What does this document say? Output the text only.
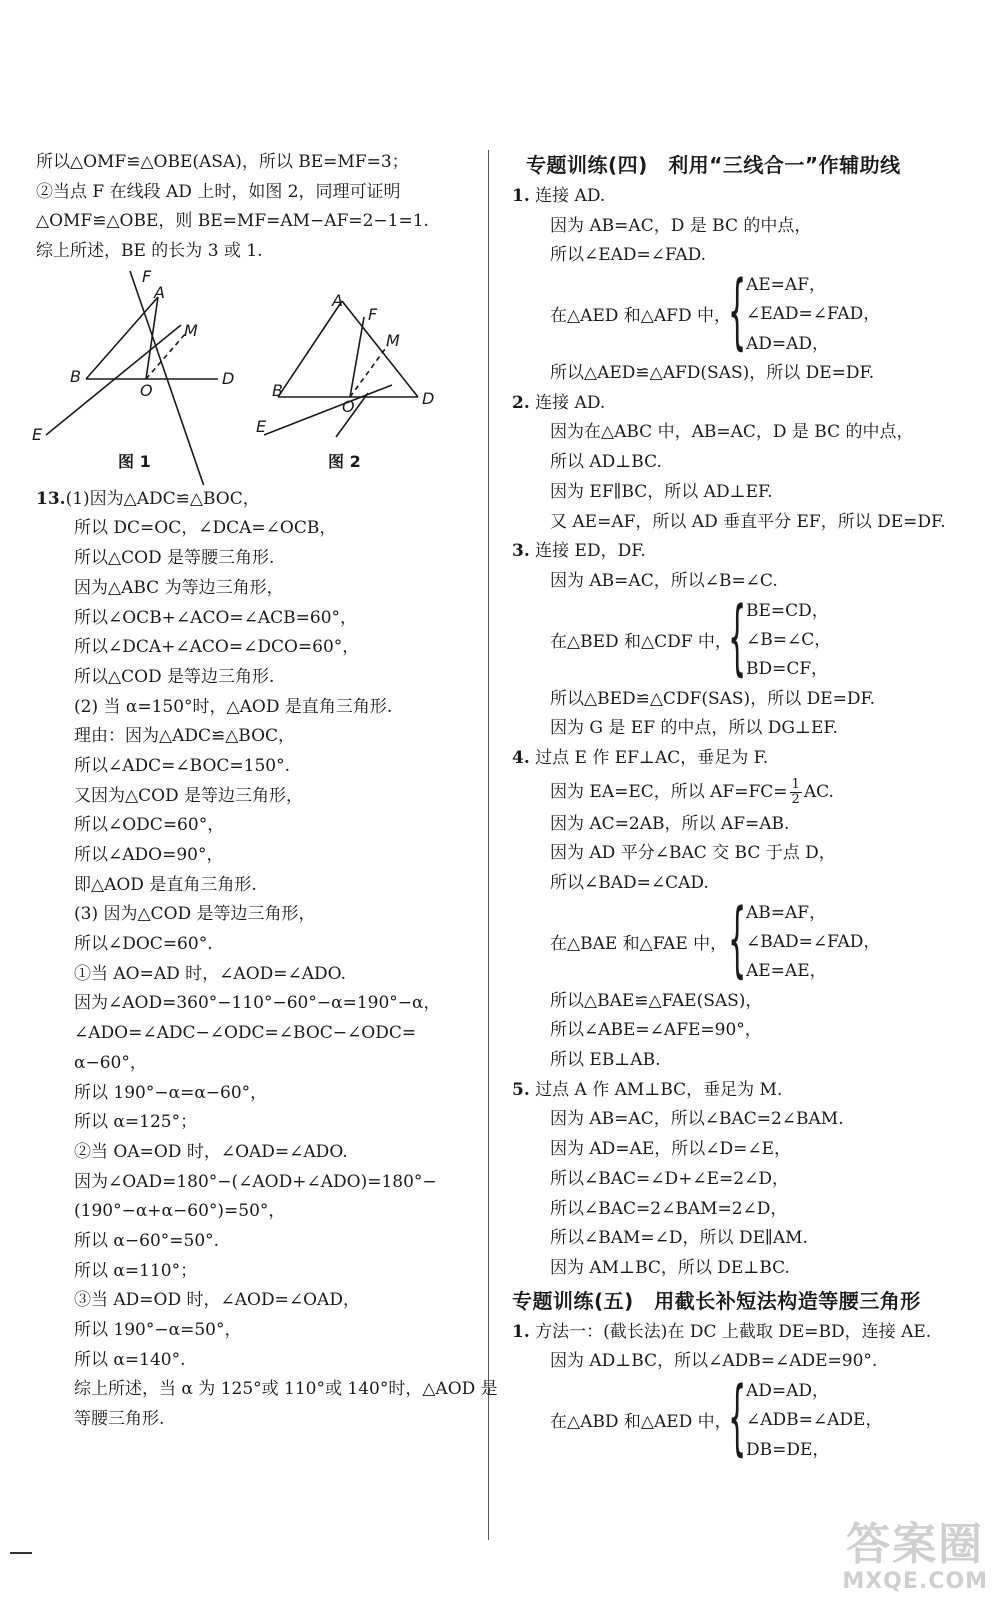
所以△OMF≌△OBE(ASA)，所以 BE=MF=3；
②当点 F 在线段 AD 上时，如图 2，同理可证明
△OMF≌△OBE，则 BE=MF=AM−AF=2−1=1.
综上所述，BE 的长为 3 或 1.
F
A
M
B
O
D
E
图 1
A
F
M
B
O	D
E
图 2
13.(1)因为△ADC≌△BOC，
所以 DC=OC，∠DCA=∠OCB，
所以△COD 是等腰三角形.
因为△ABC 为等边三角形，
所以∠OCB+∠ACO=∠ACB=60°，
所以∠DCA+∠ACO=∠DCO=60°，
所以△COD 是等边三角形.
(2) 当 α=150°时，△AOD 是直角三角形.
理由：因为△ADC≌△BOC，
所以∠ADC=∠BOC=150°.
又因为△COD 是等边三角形，
所以∠ODC=60°，
所以∠ADO=90°，
即△AOD 是直角三角形.
(3) 因为△COD 是等边三角形，
所以∠DOC=60°.
①当 AO=AD 时，∠AOD=∠ADO.
因为∠AOD=360°−110°−60°−α=190°−α，
∠ADO=∠ADC−∠ODC=∠BOC−∠ODC=
α−60°，
所以 190°−α=α−60°，
所以 α=125°；
②当 OA=OD 时，∠OAD=∠ADO.
因为∠OAD=180°−(∠AOD+∠ADO)=180°−
(190°−α+α−60°)=50°，
所以 α−60°=50°.
所以 α=110°；
③当 AD=OD 时，∠AOD=∠OAD，
所以 190°−α=50°，
所以 α=140°.
综上所述，当 α 为 125°或 110°或 140°时，△AOD 是
等腰三角形.
专题训练(四)　利用“三线合一”作辅助线
1. 连接 AD.
因为 AB=AC，D 是 BC 的中点，
所以∠EAD=∠FAD.
在△AED 和△AFD 中，
{ AE=AF，
∠EAD=∠FAD，
AD=AD，
所以△AED≌△AFD(SAS)，所以 DE=DF.
2. 连接 AD.
因为在△ABC 中，AB=AC，D 是 BC 的中点，
所以 AD⊥BC.
因为 EF∥BC，所以 AD⊥EF.
又 AE=AF，所以 AD 垂直平分 EF，所以 DE=DF.
3. 连接 ED，DF.
因为 AB=AC，所以∠B=∠C.
在△BED 和△CDF 中，
{ BE=CD，
∠B=∠C，
BD=CF，
所以△BED≌△CDF(SAS)，所以 DE=DF.
因为 G 是 EF 的中点，所以 DG⊥EF.
4. 过点 E 作 EF⊥AC，垂足为 F.
因为 EA=EC，所以 $AF=FC= \frac{1}{2}$ AC.
因为 AC=2AB，所以 AF=AB.
因为 AD 平分∠BAC 交 BC 于点 D，
所以∠BAD=∠CAD.
在△BAE 和△FAE 中， { AB=AF，
∠BAD=∠FAD，
AE=AE，
所以△BAE≌△FAE(SAS)，
所以∠ABE=∠AFE=90°，
所以 EB⊥AB.
5. 过点 A 作 AM⊥BC，垂足为 M.
因为 AB=AC，所以∠BAC=2∠BAM.
因为 AD=AE，所以∠D=∠E，
所以∠BAC=∠D+∠E=2∠D，
所以∠BAC=2∠BAM=2∠D，
所以∠BAM=∠D，所以 DE∥AM.
因为 AM⊥BC，所以 DE⊥BC.
专题训练(五)　用截长补短法构造等腰三角形
1. 方法一：(截长法)在 DC 上截取 DE=BD，连接 AE.
因为 AD⊥BC，所以∠ADB=∠ADE=90°.
在△ABD 和△AED 中，
{ AD=AD，
∠ADB=∠ADE，
DB=DE，
答案圈
MXQE.COM
